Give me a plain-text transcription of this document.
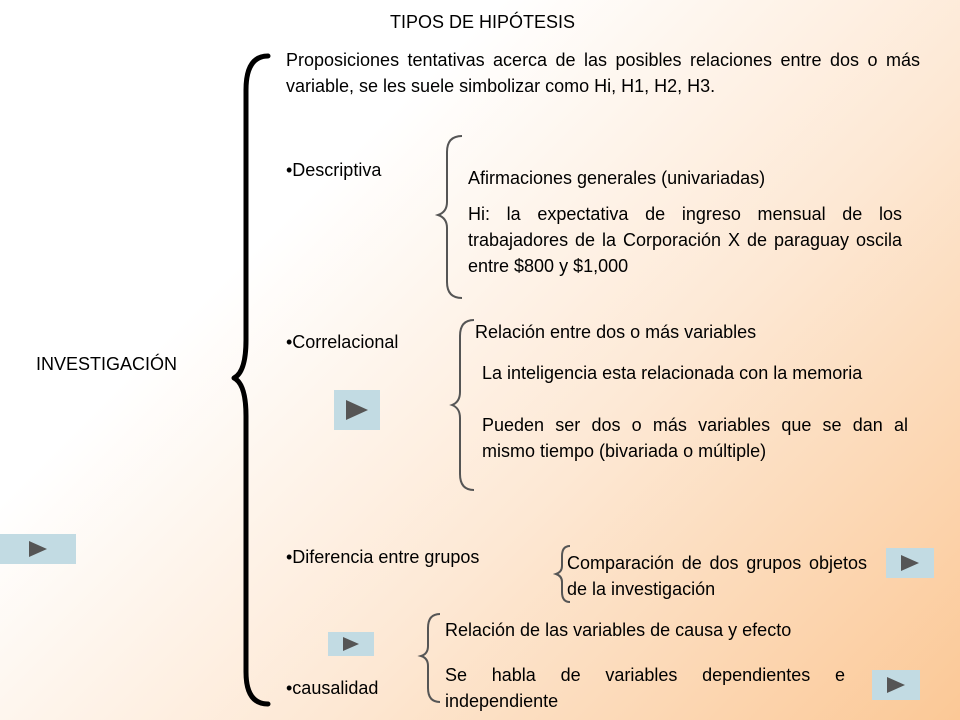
TIPOS DE HIPÓTESIS
INVESTIGACIÓN
Proposiciones tentativas acerca de las posibles relaciones entre dos o más variable, se les suele simbolizar como Hi, H1, H2, H3.
•Descriptiva	Afirmaciones generales (univariadas)
Hi: la expectativa de ingreso mensual de los trabajadores de la Corporación X de paraguay oscila entre $800 y $1,000
•Correlacional	Relación entre dos o más variables
La inteligencia esta relacionada con la memoria
Pueden ser dos o más variables que se dan al mismo tiempo (bivariada o múltiple)
•Diferencia entre grupos	Comparación de dos grupos objetos de la investigación
•causalidad
Relación de las variables de causa y efecto
Se habla de variables dependientes e independiente
